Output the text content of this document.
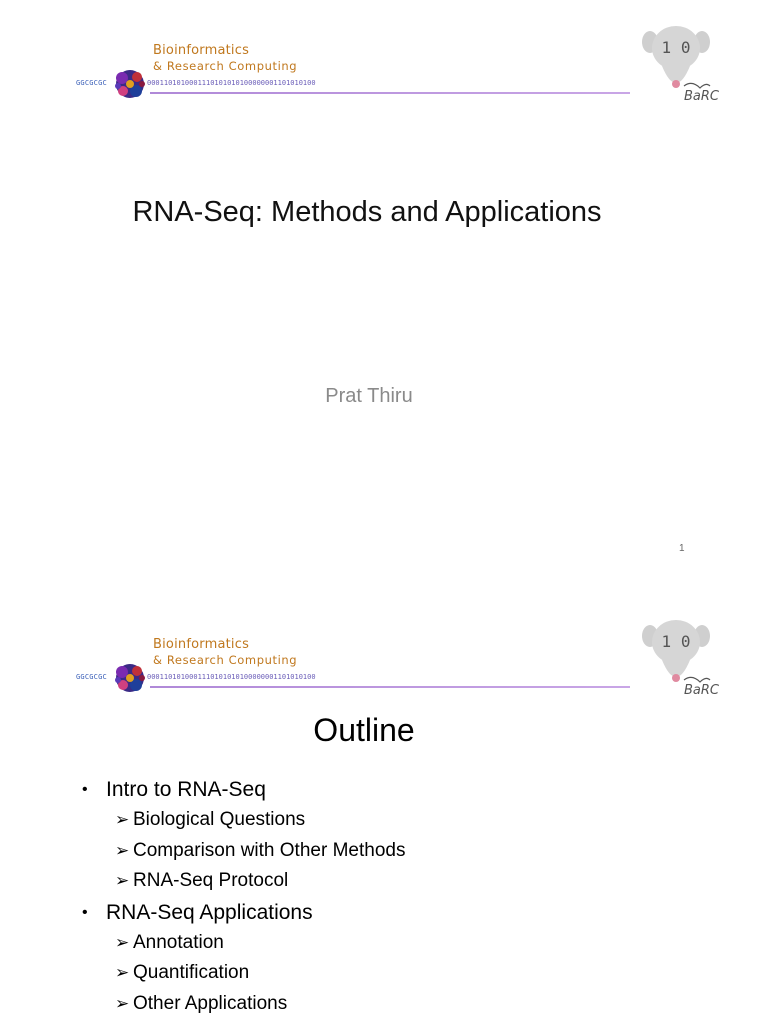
GGCGCGC
Bioinformatics
& Research Computing
0001101010001110101010100000001101010100
1 0
BaRC
RNA-Seq: Methods and Applications
Prat Thiru
1
GGCGCGC
Bioinformatics
& Research Computing
0001101010001110101010100000001101010100
1 0
BaRC
Outline
• Intro to RNA-Seq
➢ Biological Questions
➢ Comparison with Other Methods
➢ RNA-Seq Protocol
• RNA-Seq Applications
➢ Annotation
➢ Quantification
➢ Other Applications
